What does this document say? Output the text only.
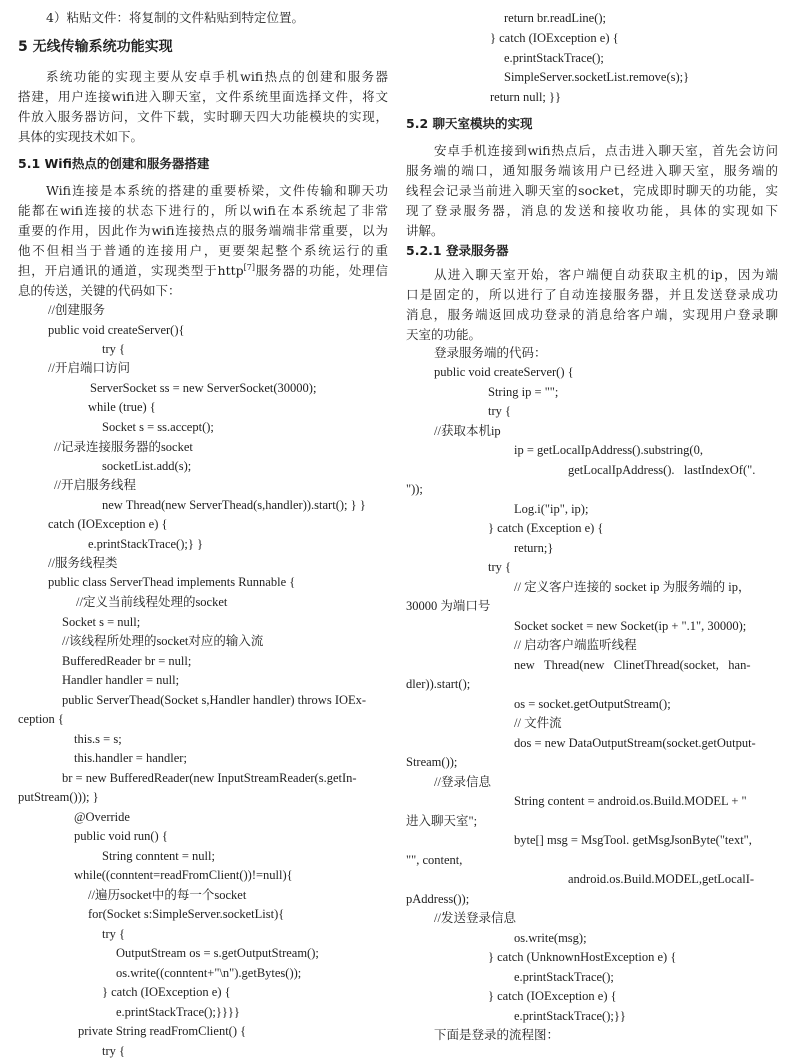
4）粘贴文件：将复制的文件粘贴到特定位置。
5 无线传输系统功能实现
系统功能的实现主要从安卓手机wifi热点的创建和服务器
搭建，用户连接wifi进入聊天室，文件系统里面选择文件，将文
件放入服务器访问，文件下载，实时聊天四大功能模块的实现，
具体的实现技术如下。
5.1 Wifi热点的创建和服务器搭建
Wifi连接是本系统的搭建的重要桥梁，文件传输和聊天功
能都在wifi连接的状态下进行的，所以wifi在本系统起了非常
重要的作用，因此作为wifi连接热点的服务端端非常重要，以为
他不但相当于普通的连接用户，更要架起整个系统运行的重
担，开启通讯的通道，实现类型于http[7]服务器的功能，处理信
息的传送，关键的代码如下：
//创建服务
public void createServer(){
try {
//开启端口访问
ServerSocket ss = new ServerSocket(30000);
while (true) {
Socket s = ss.accept();
//记录连接服务器的socket
socketList.add(s);
//开启服务线程
new Thread(new ServerThead(s,handler)).start(); } }
catch (IOException e) {
e.printStackTrace();} }
//服务线程类
public class ServerThead implements Runnable {
//定义当前线程处理的socket
Socket s = null;
//该线程所处理的socket对应的输入流
BufferedReader br = null;
Handler handler = null;
public ServerThead(Socket s,Handler handler) throws IOEx-
ception {
this.s = s;
this.handler = handler;
br = new BufferedReader(new InputStreamReader(s.getIn-
putStream())); }
@Override
public void run() {
String conntent = null;
while((conntent=readFromClient())!=null){
//遍历socket中的每一个socket
for(Socket s:SimpleServer.socketList){
try {
OutputStream os = s.getOutputStream();
os.write((conntent+"\n").getBytes());
} catch (IOException e) {
e.printStackTrace();}}}}
private String readFromClient() {
try {
return br.readLine();
} catch (IOException e) {
e.printStackTrace();
SimpleServer.socketList.remove(s);}
return null; }}
5.2 聊天室模块的实现
安卓手机连接到wifi热点后，点击进入聊天室，首先会访问
服务端的端口，通知服务端该用户已经进入聊天室，服务端的
线程会记录当前进入聊天室的socket，完成即时聊天的功能，实
现了登录服务器，消息的发送和接收功能，具体的实现如下
讲解。
5.2.1 登录服务器
从进入聊天室开始，客户端便自动获取主机的ip，因为端
口是固定的，所以进行了自动连接服务器，并且发送登录成功
消息，服务端返回成功登录的消息给客户端，实现用户登录聊
天室的功能。
登录服务端的代码：
public void createServer() {
String ip = "";
try {
//获取本机ip
ip = getLocalIpAddress().substring(0,
getLocalIpAddress().   lastIndexOf(".
"));
Log.i("ip", ip);
} catch (Exception e) {
return;}
try {
// 定义客户连接的 socket ip 为服务端的 ip，
30000 为端口号
Socket socket = new Socket(ip + ".1", 30000);
// 启动客户端监听线程
new   Thread(new   ClinetThread(socket,   han-
dler)).start();
os = socket.getOutputStream();
// 文件流
dos = new DataOutputStream(socket.getOutput-
Stream());
//登录信息
String content = android.os.Build.MODEL + "
进入聊天室";
byte[] msg = MsgTool. getMsgJsonByte("text",
"", content,
android.os.Build.MODEL,getLocalI-
pAddress());
//发送登录信息
os.write(msg);
} catch (UnknownHostException e) {
e.printStackTrace();
} catch (IOException e) {
e.printStackTrace();}}
下面是登录的流程图：
